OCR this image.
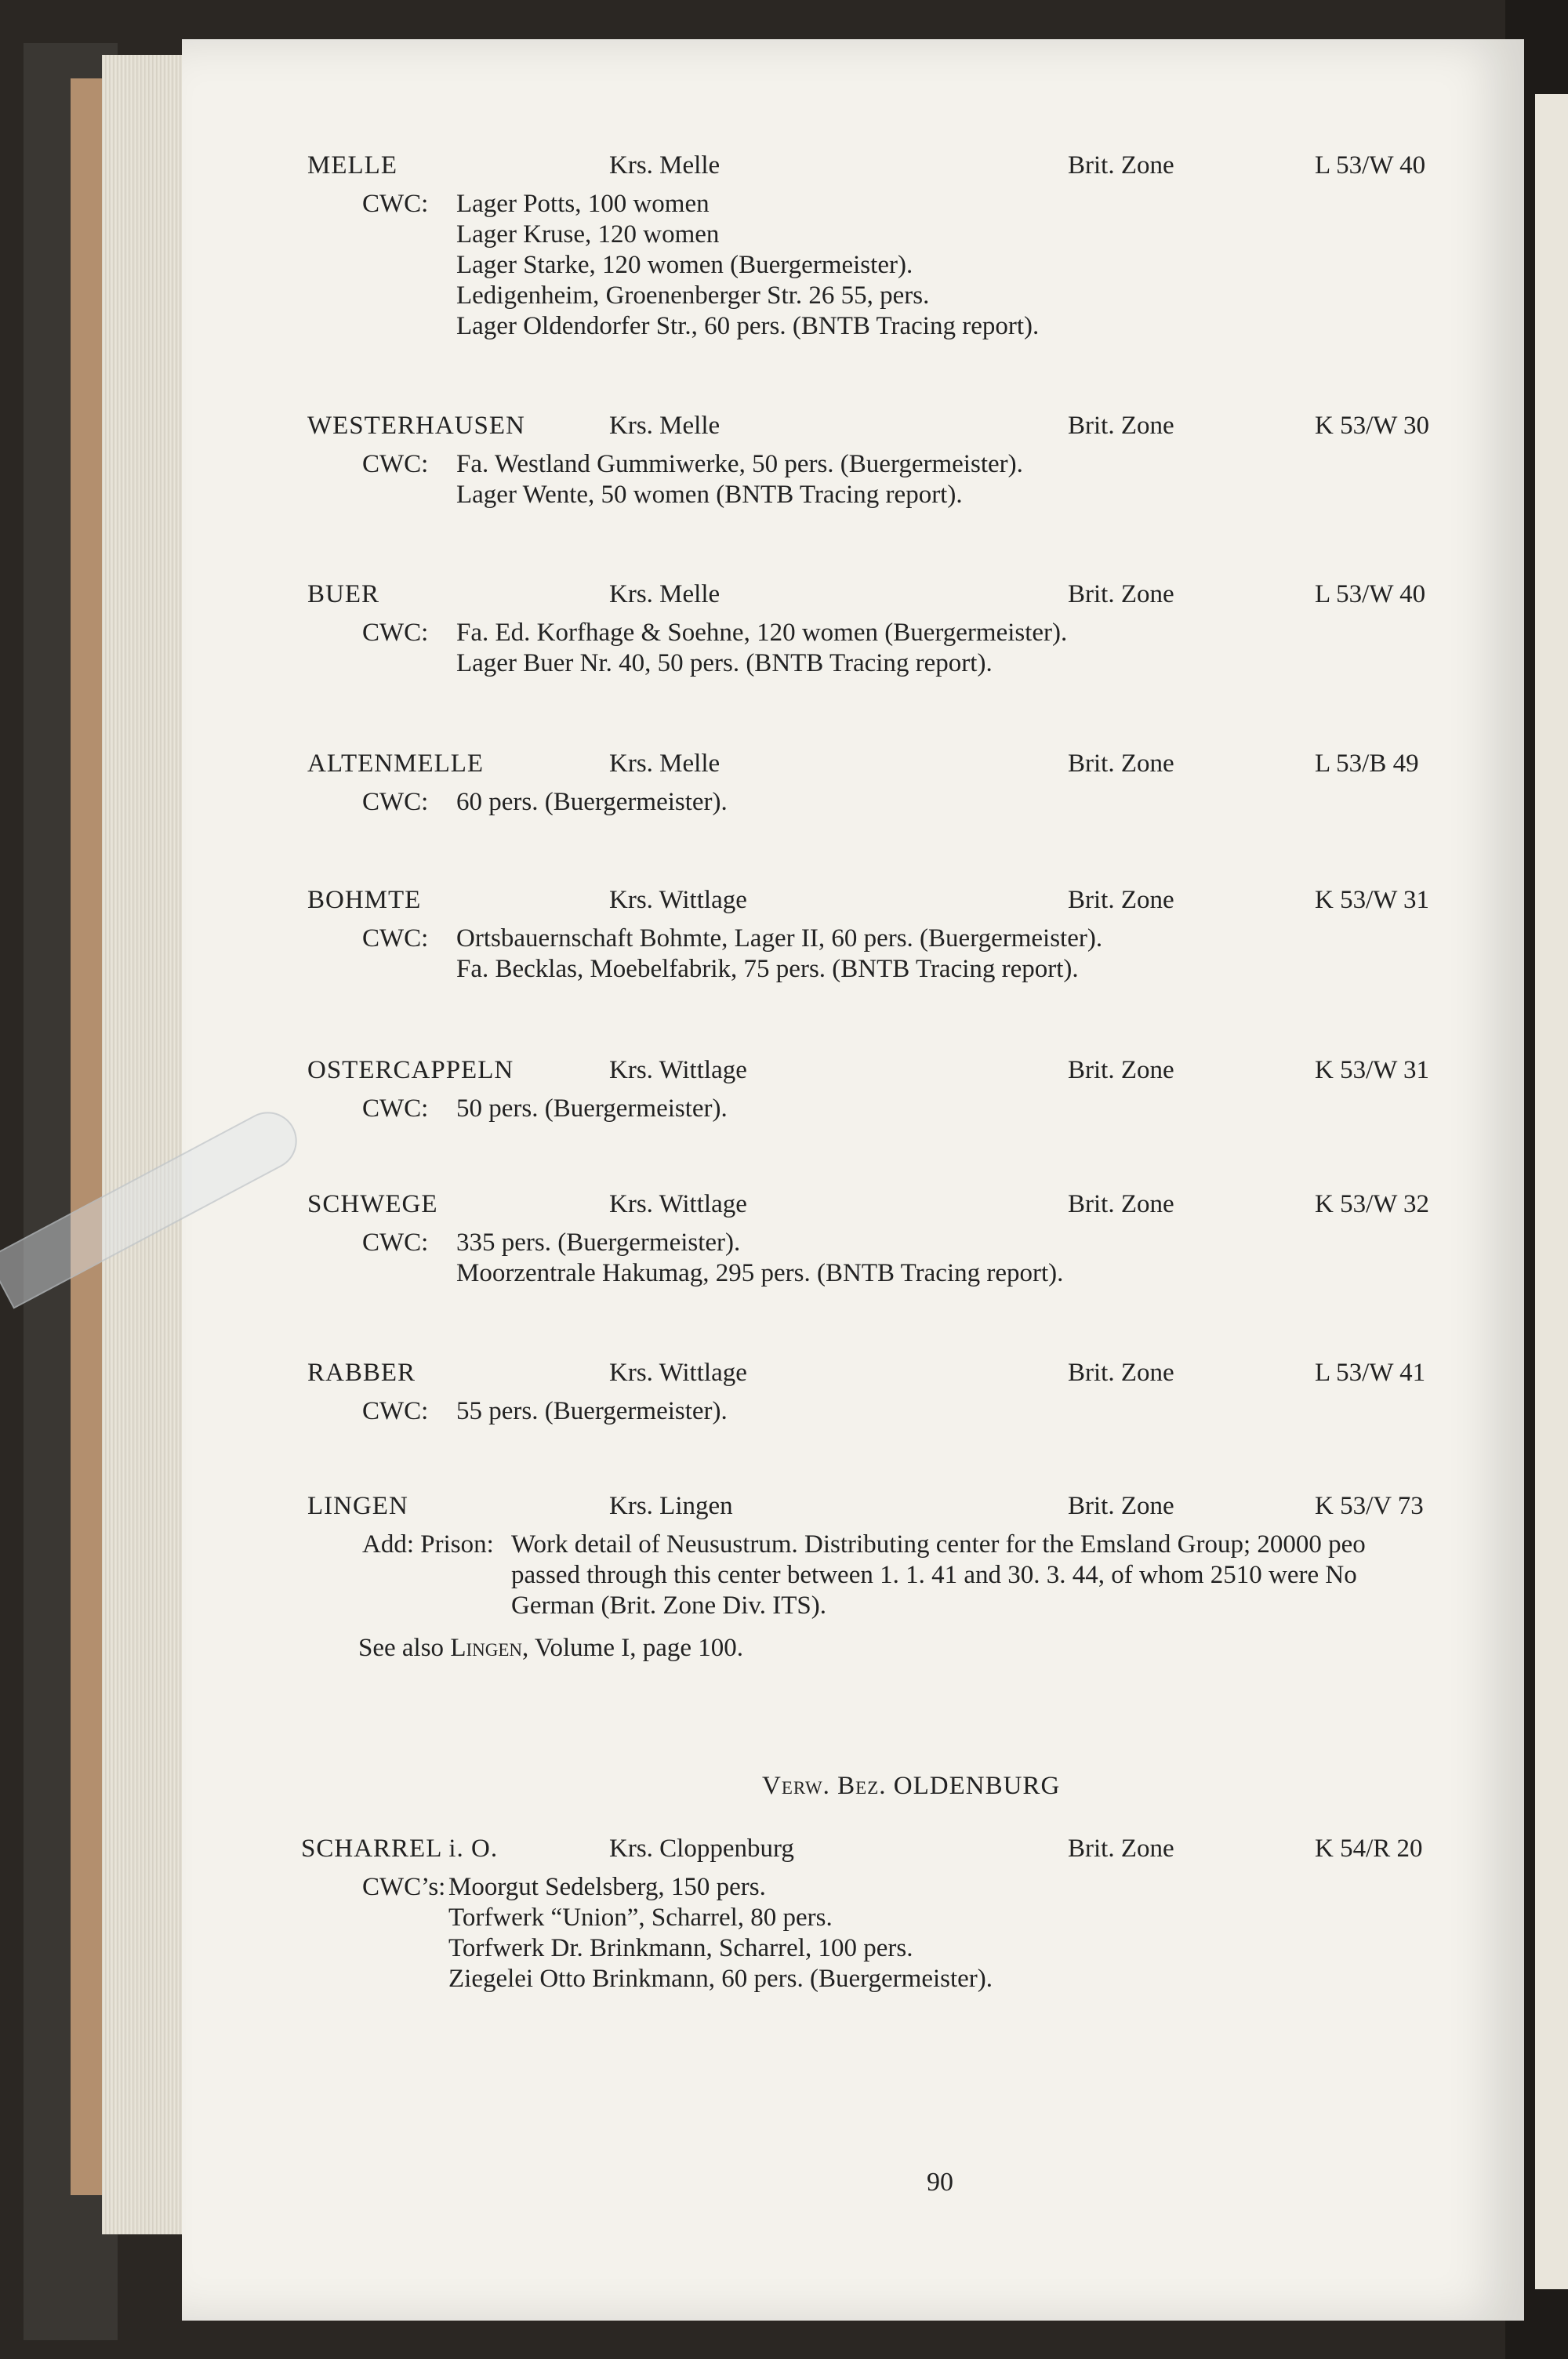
MELLE	Krs. Melle	Brit. Zone	L 53/W 40
CWC:	Lager Potts, 100 women
Lager Kruse, 120 women
Lager Starke, 120 women (Buergermeister).
Ledigenheim, Groenenberger Str. 26 55, pers.
Lager Oldendorfer Str., 60 pers. (BNTB Tracing report).
WESTERHAUSEN	Krs. Melle	Brit. Zone	K 53/W 30
CWC:	Fa. Westland Gummiwerke, 50 pers. (Buergermeister).
Lager Wente, 50 women (BNTB Tracing report).
BUER	Krs. Melle	Brit. Zone	L 53/W 40
CWC:	Fa. Ed. Korfhage & Soehne, 120 women (Buergermeister).
Lager Buer Nr. 40, 50 pers. (BNTB Tracing report).
ALTENMELLE	Krs. Melle	Brit. Zone	L 53/B 49
CWC:	60 pers. (Buergermeister).
BOHMTE	Krs. Wittlage	Brit. Zone	K 53/W 31
CWC:	Ortsbauernschaft Bohmte, Lager II, 60 pers. (Buergermeister).
Fa. Becklas, Moebelfabrik, 75 pers. (BNTB Tracing report).
OSTERCAPPELN	Krs. Wittlage	Brit. Zone	K 53/W 31
CWC:	50 pers. (Buergermeister).
SCHWEGE	Krs. Wittlage	Brit. Zone	K 53/W 32
CWC:	335 pers. (Buergermeister).
Moorzentrale Hakumag, 295 pers. (BNTB Tracing report).
RABBER	Krs. Wittlage	Brit. Zone	L 53/W 41
CWC:	55 pers. (Buergermeister).
LINGEN	Krs. Lingen	Brit. Zone	K 53/V 73
Add: Prison: Work detail of Neusustrum. Distributing center for the Emsland Group; 20000 peo
passed through this center between 1. 1. 41 and 30. 3. 44, of whom 2510 were No
German (Brit. Zone Div. ITS).
See also Lingen, Volume I, page 100.
Verw. Bez. OLDENBURG
SCHARREL i. O.	Krs. Cloppenburg	Brit. Zone	K 54/R 20
CWC’s: Moorgut Sedelsberg, 150 pers.
Torfwerk “Union”, Scharrel, 80 pers.
Torfwerk Dr. Brinkmann, Scharrel, 100 pers.
Ziegelei Otto Brinkmann, 60 pers. (Buergermeister).
90
